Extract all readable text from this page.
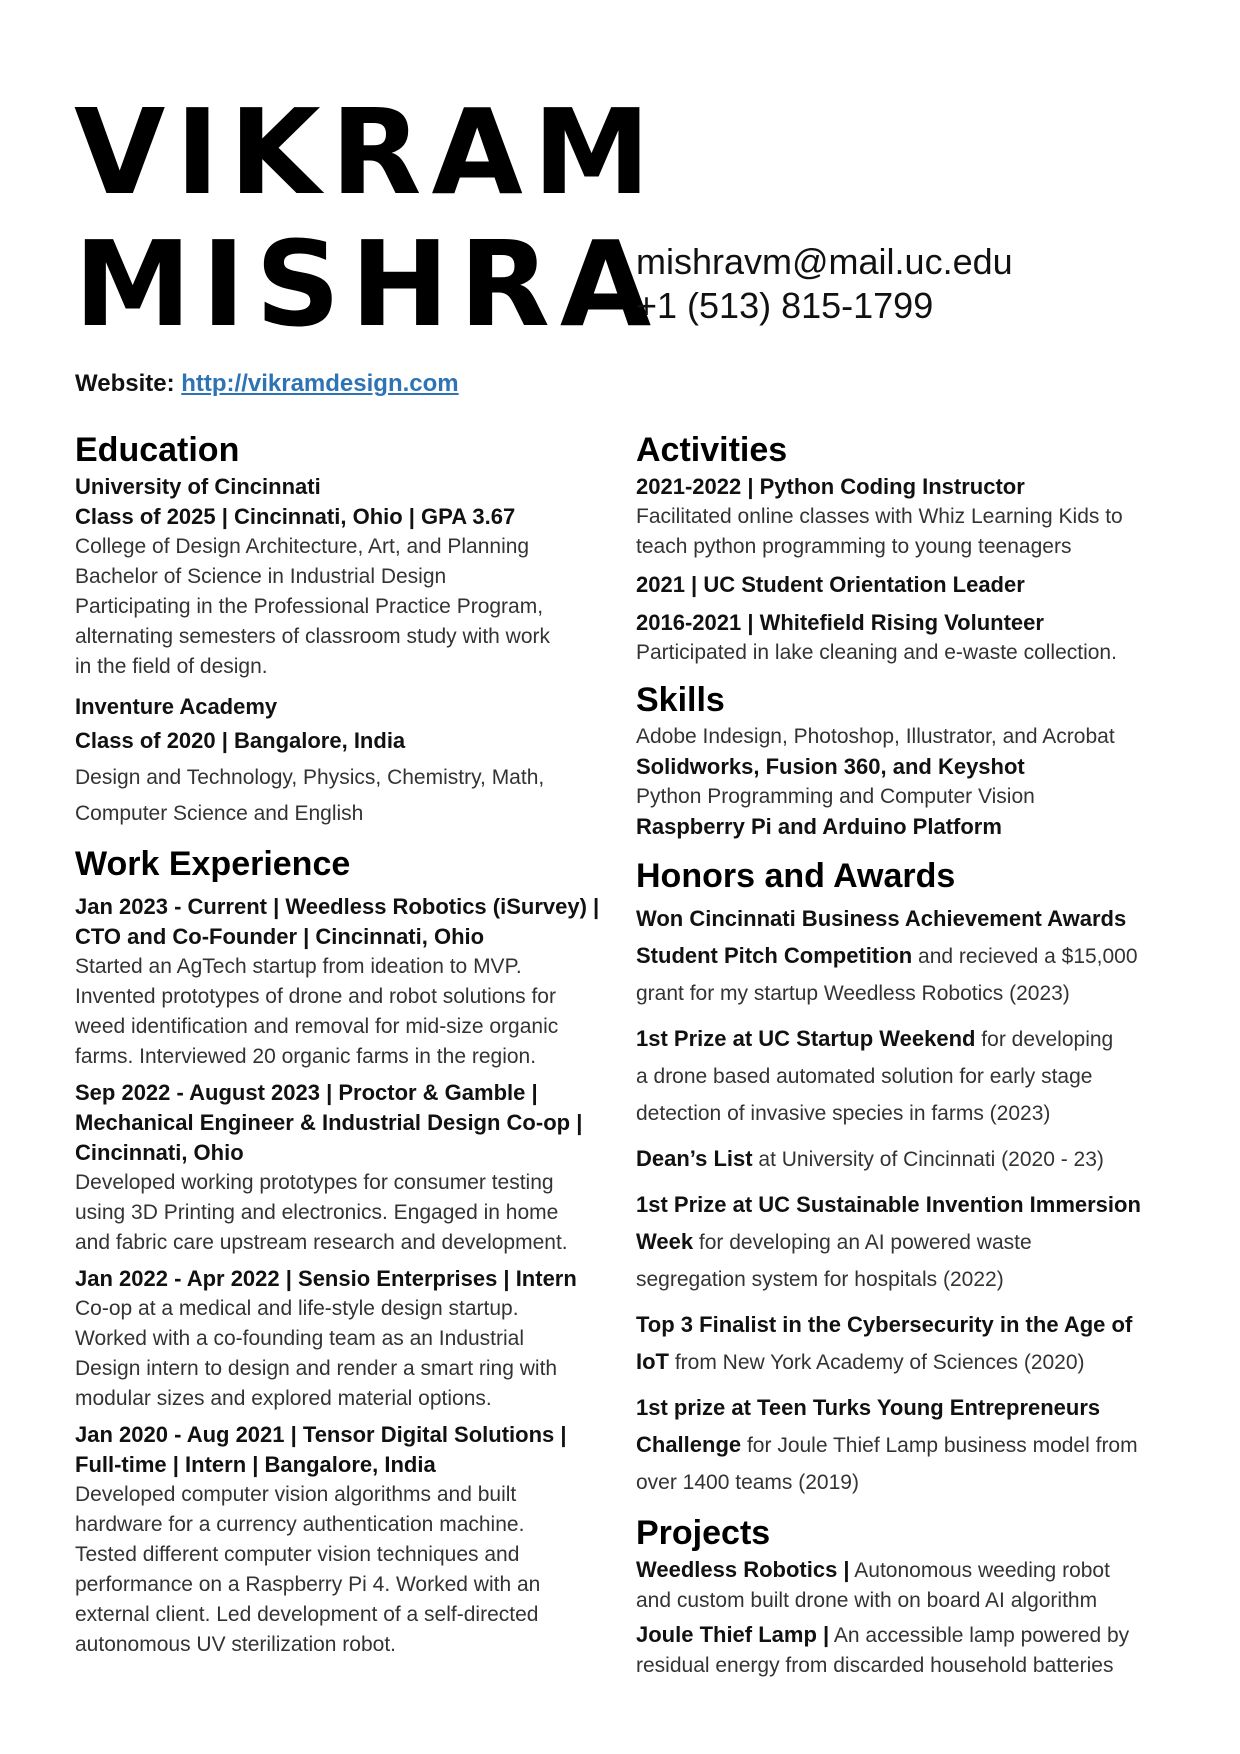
VIKRAM
MISHRA
mishravm@mail.uc.edu
+1 (513) 815-1799
Website: http://vikramdesign.com
Education
University of Cincinnati
Class of 2025 | Cincinnati, Ohio | GPA 3.67
College of Design Architecture, Art, and Planning
Bachelor of Science in Industrial Design
Participating in the Professional Practice Program,
alternating semesters of classroom study with work
in the field of design.
Inventure Academy
Class of 2020 | Bangalore, India
Design and Technology, Physics, Chemistry, Math,
Computer Science and English
Work Experience
Jan 2023 - Current | Weedless Robotics (iSurvey) |
CTO and Co-Founder | Cincinnati, Ohio
Started an AgTech startup from ideation to MVP.
Invented prototypes of drone and robot solutions for
weed identification and removal for mid-size organic
farms. Interviewed 20 organic farms in the region.
Sep 2022 - August 2023 | Proctor & Gamble |
Mechanical Engineer & Industrial Design Co-op |
Cincinnati, Ohio
Developed working prototypes for consumer testing
using 3D Printing and electronics. Engaged in home
and fabric care upstream research and development.
Jan 2022 - Apr 2022 | Sensio Enterprises | Intern
Co-op at a medical and life-style design startup.
Worked with a co-founding team as an Industrial
Design intern to design and render a smart ring with
modular sizes and explored material options.
Jan 2020 - Aug 2021 | Tensor Digital Solutions |
Full-time | Intern | Bangalore, India
Developed computer vision algorithms and built
hardware for a currency authentication machine.
Tested different computer vision techniques and
performance on a Raspberry Pi 4. Worked with an
external client. Led development of a self-directed
autonomous UV sterilization robot.
Activities
2021-2022 | Python Coding Instructor
Facilitated online classes with Whiz Learning Kids to
teach python programming to young teenagers
2021 | UC Student Orientation Leader
2016-2021 | Whitefield Rising Volunteer
Participated in lake cleaning and e-waste collection.
Skills
Adobe Indesign, Photoshop, Illustrator, and Acrobat
Solidworks, Fusion 360, and Keyshot
Python Programming and Computer Vision
Raspberry Pi and Arduino Platform
Honors and Awards
Won Cincinnati Business Achievement Awards
Student Pitch Competition and recieved a $15,000
grant for my startup Weedless Robotics (2023)
1st Prize at UC Startup Weekend for developing
a drone based automated solution for early stage
detection of invasive species in farms (2023)
Dean’s List at University of Cincinnati (2020 - 23)
1st Prize at UC Sustainable Invention Immersion
Week for developing an AI powered waste
segregation system for hospitals (2022)
Top 3 Finalist in the Cybersecurity in the Age of
IoT from New York Academy of Sciences (2020)
1st prize at Teen Turks Young Entrepreneurs
Challenge for Joule Thief Lamp business model from
over 1400 teams (2019)
Projects
Weedless Robotics | Autonomous weeding robot
and custom built drone with on board AI algorithm
Joule Thief Lamp | An accessible lamp powered by
residual energy from discarded household batteries
